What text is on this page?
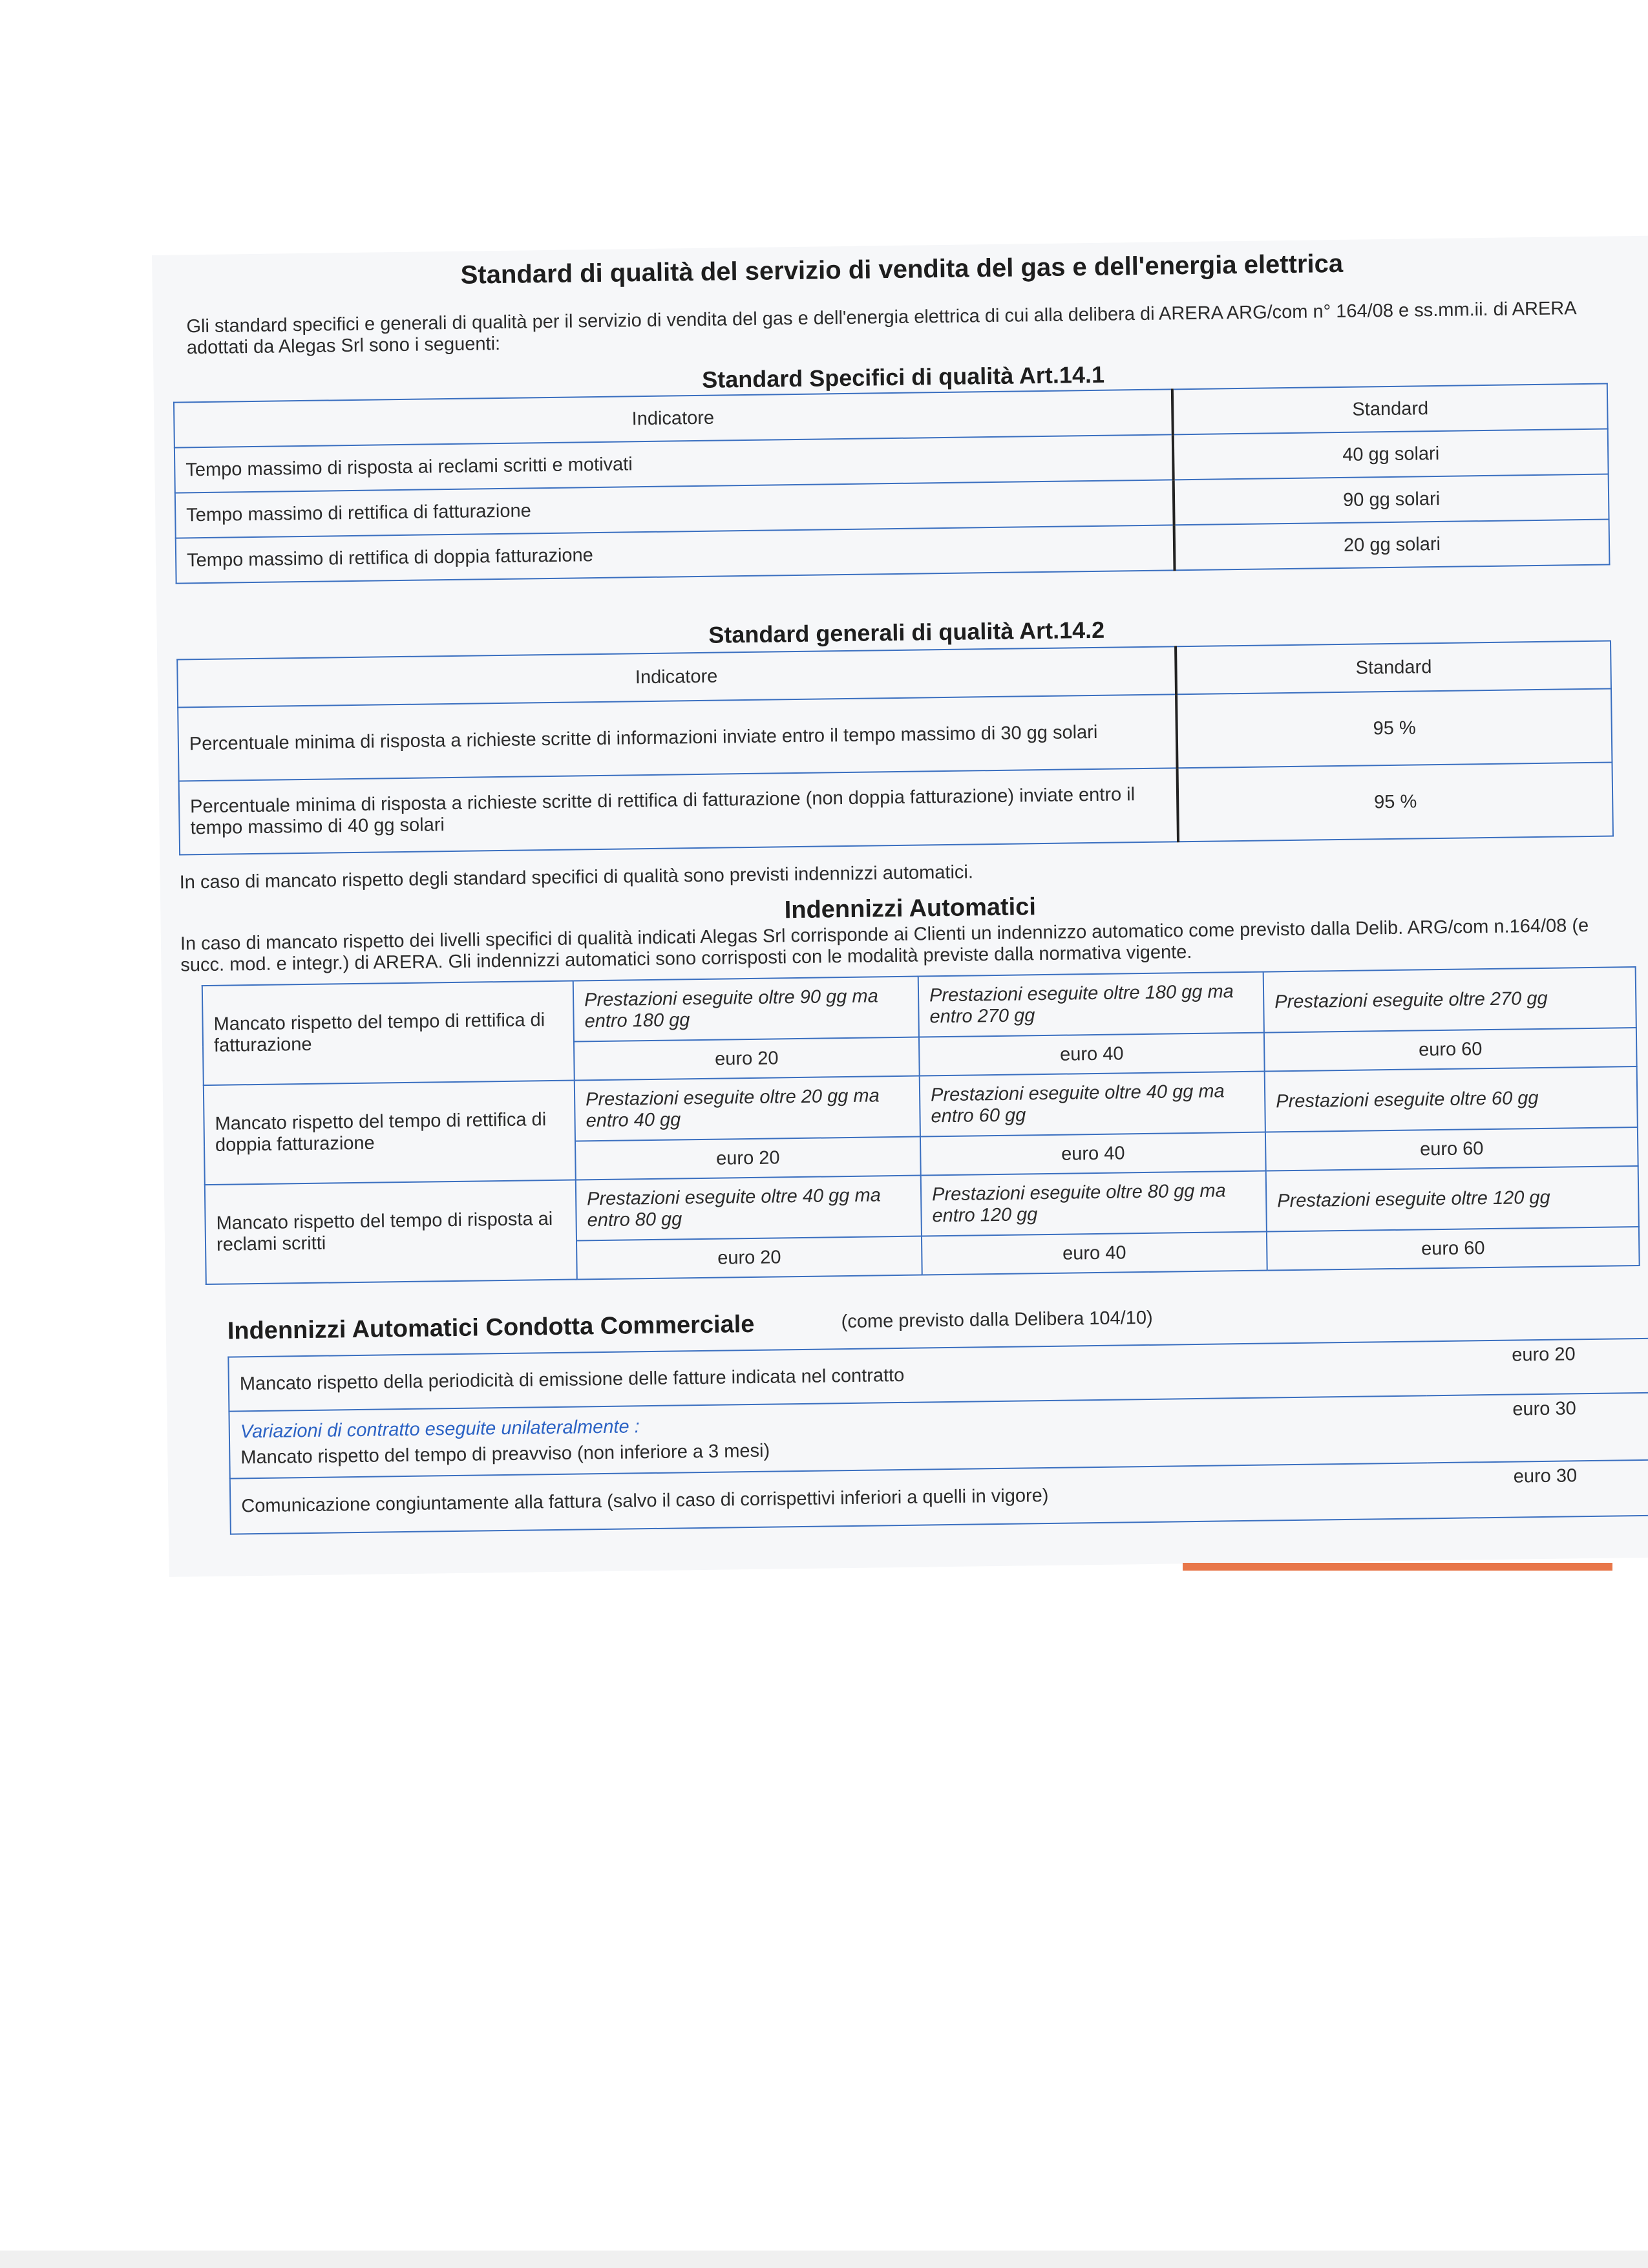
Standard di qualità del servizio di vendita del gas e dell'energia elettrica
Gli standard specifici e generali di qualità per il servizio di vendita del gas e dell'energia elettrica di cui alla delibera di ARERA ARG/com n° 164/08 e ss.mm.ii. di ARERA adottati da Alegas Srl sono i seguenti:
Standard Specifici di qualità Art.14.1
Indicatore	Standard
Tempo massimo di risposta ai reclami scritti e motivati	40 gg solari
Tempo massimo di rettifica di fatturazione	90 gg solari
Tempo massimo di rettifica di doppia fatturazione	20 gg solari
Standard generali di qualità Art.14.2
Indicatore	Standard
Percentuale minima di risposta a richieste scritte di informazioni inviate entro il tempo massimo di 30 gg solari	95 %
Percentuale minima di risposta a richieste scritte di rettifica di fatturazione (non doppia fatturazione) inviate entro il tempo massimo di 40 gg solari	95 %
In caso di mancato rispetto degli standard specifici di qualità sono previsti indennizzi automatici.
Indennizzi Automatici
In caso di mancato rispetto dei livelli specifici di qualità indicati Alegas Srl corrisponde ai Clienti un indennizzo automatico come previsto dalla Delib. ARG/com n.164/08 (e succ. mod. e integr.) di ARERA. Gli indennizzi automatici sono corrisposti con le modalità previste dalla normativa vigente.
Mancato rispetto del tempo di rettifica di fatturazione	Prestazioni eseguite oltre 90 gg ma entro 180 gg	Prestazioni eseguite oltre 180 gg ma entro 270 gg	Prestazioni eseguite oltre 270 gg
	euro 20	euro 40	euro 60
Mancato rispetto del tempo di rettifica di doppia fatturazione	Prestazioni eseguite oltre 20 gg ma entro 40 gg	Prestazioni eseguite oltre 40 gg ma entro 60 gg	Prestazioni eseguite oltre 60 gg
	euro 20	euro 40	euro 60
Mancato rispetto del tempo di risposta ai reclami scritti	Prestazioni eseguite oltre 40 gg ma entro 80 gg	Prestazioni eseguite oltre 80 gg ma entro 120 gg	Prestazioni eseguite oltre 120 gg
	euro 20	euro 40	euro 60
Indennizzi Automatici Condotta Commerciale	(come previsto dalla Delibera 104/10)
Mancato rispetto della periodicità di emissione delle fatture indicata nel contratto	euro 20
Variazioni di contratto eseguite unilateralmente :
Mancato rispetto del tempo di preavviso (non inferiore a 3 mesi)	euro 30
Comunicazione congiuntamente alla fattura (salvo il caso di corrispettivi inferiori a quelli in vigore)	euro 30
